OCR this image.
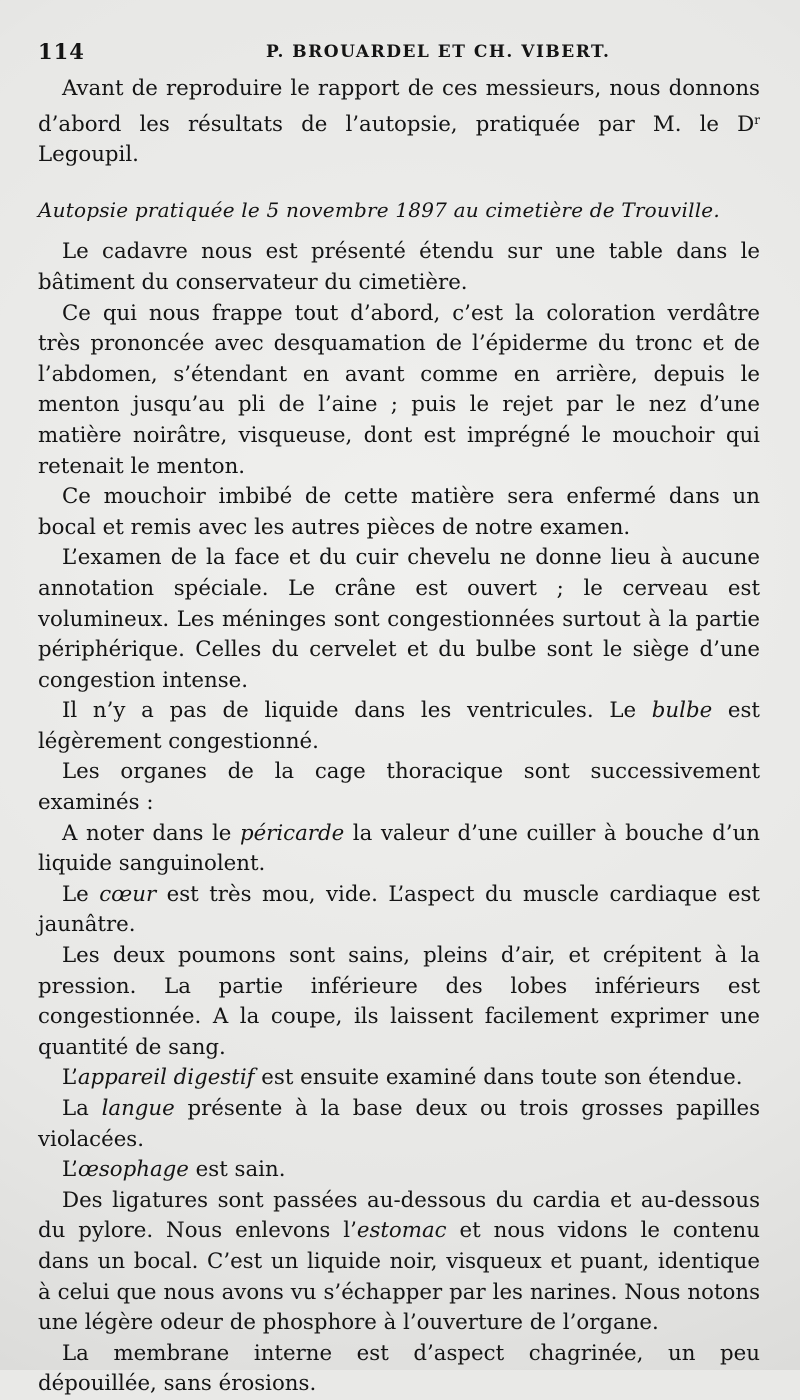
114	P. BROUARDEL ET CH. VIBERT.

Avant de reproduire le rapport de ces messieurs, nous donnons d’abord les résultats de l’autopsie, pratiquée par M. le $D^r$ Legoupil.

Autopsie pratiquée le 5 novembre 1897 au cimetière de Trouville.

Le cadavre nous est présenté étendu sur une table dans le bâtiment du conservateur du cimetière.

Ce qui nous frappe tout d’abord, c’est la coloration verdâtre très prononcée avec desquamation de l’épiderme du tronc et de l’abdomen, s’étendant en avant comme en arrière, depuis le menton jusqu’au pli de l’aine ; puis le rejet par le nez d’une matière noirâtre, visqueuse, dont est imprégné le mouchoir qui retenait le menton.

Ce mouchoir imbibé de cette matière sera enfermé dans un bocal et remis avec les autres pièces de notre examen.

L’examen de la face et du cuir chevelu ne donne lieu à aucune annotation spéciale. Le crâne est ouvert ; le cerveau est volumineux. Les méninges sont congestionnées surtout à la partie périphérique. Celles du cervelet et du bulbe sont le siège d’une congestion intense.

Il n’y a pas de liquide dans les ventricules. Le bulbe est légèrement congestionné.

Les organes de la cage thoracique sont successivement examinés :

A noter dans le péricarde la valeur d’une cuiller à bouche d’un liquide sanguinolent.

Le cœur est très mou, vide. L’aspect du muscle cardiaque est jaunâtre.

Les deux poumons sont sains, pleins d’air, et crépitent à la pression. La partie inférieure des lobes inférieurs est congestionnée. A la coupe, ils laissent facilement exprimer une quantité de sang.

L’appareil digestif est ensuite examiné dans toute son étendue.

La langue présente à la base deux ou trois grosses papilles violacées.

L’œsophage est sain.

Des ligatures sont passées au-dessous du cardia et au-dessous du pylore. Nous enlevons l’estomac et nous vidons le contenu dans un bocal. C’est un liquide noir, visqueux et puant, identique à celui que nous avons vu s’échapper par les narines. Nous notons une légère odeur de phosphore à l’ouverture de l’organe.

La membrane interne est d’aspect chagrinée, un peu dépouillée, sans érosions.
